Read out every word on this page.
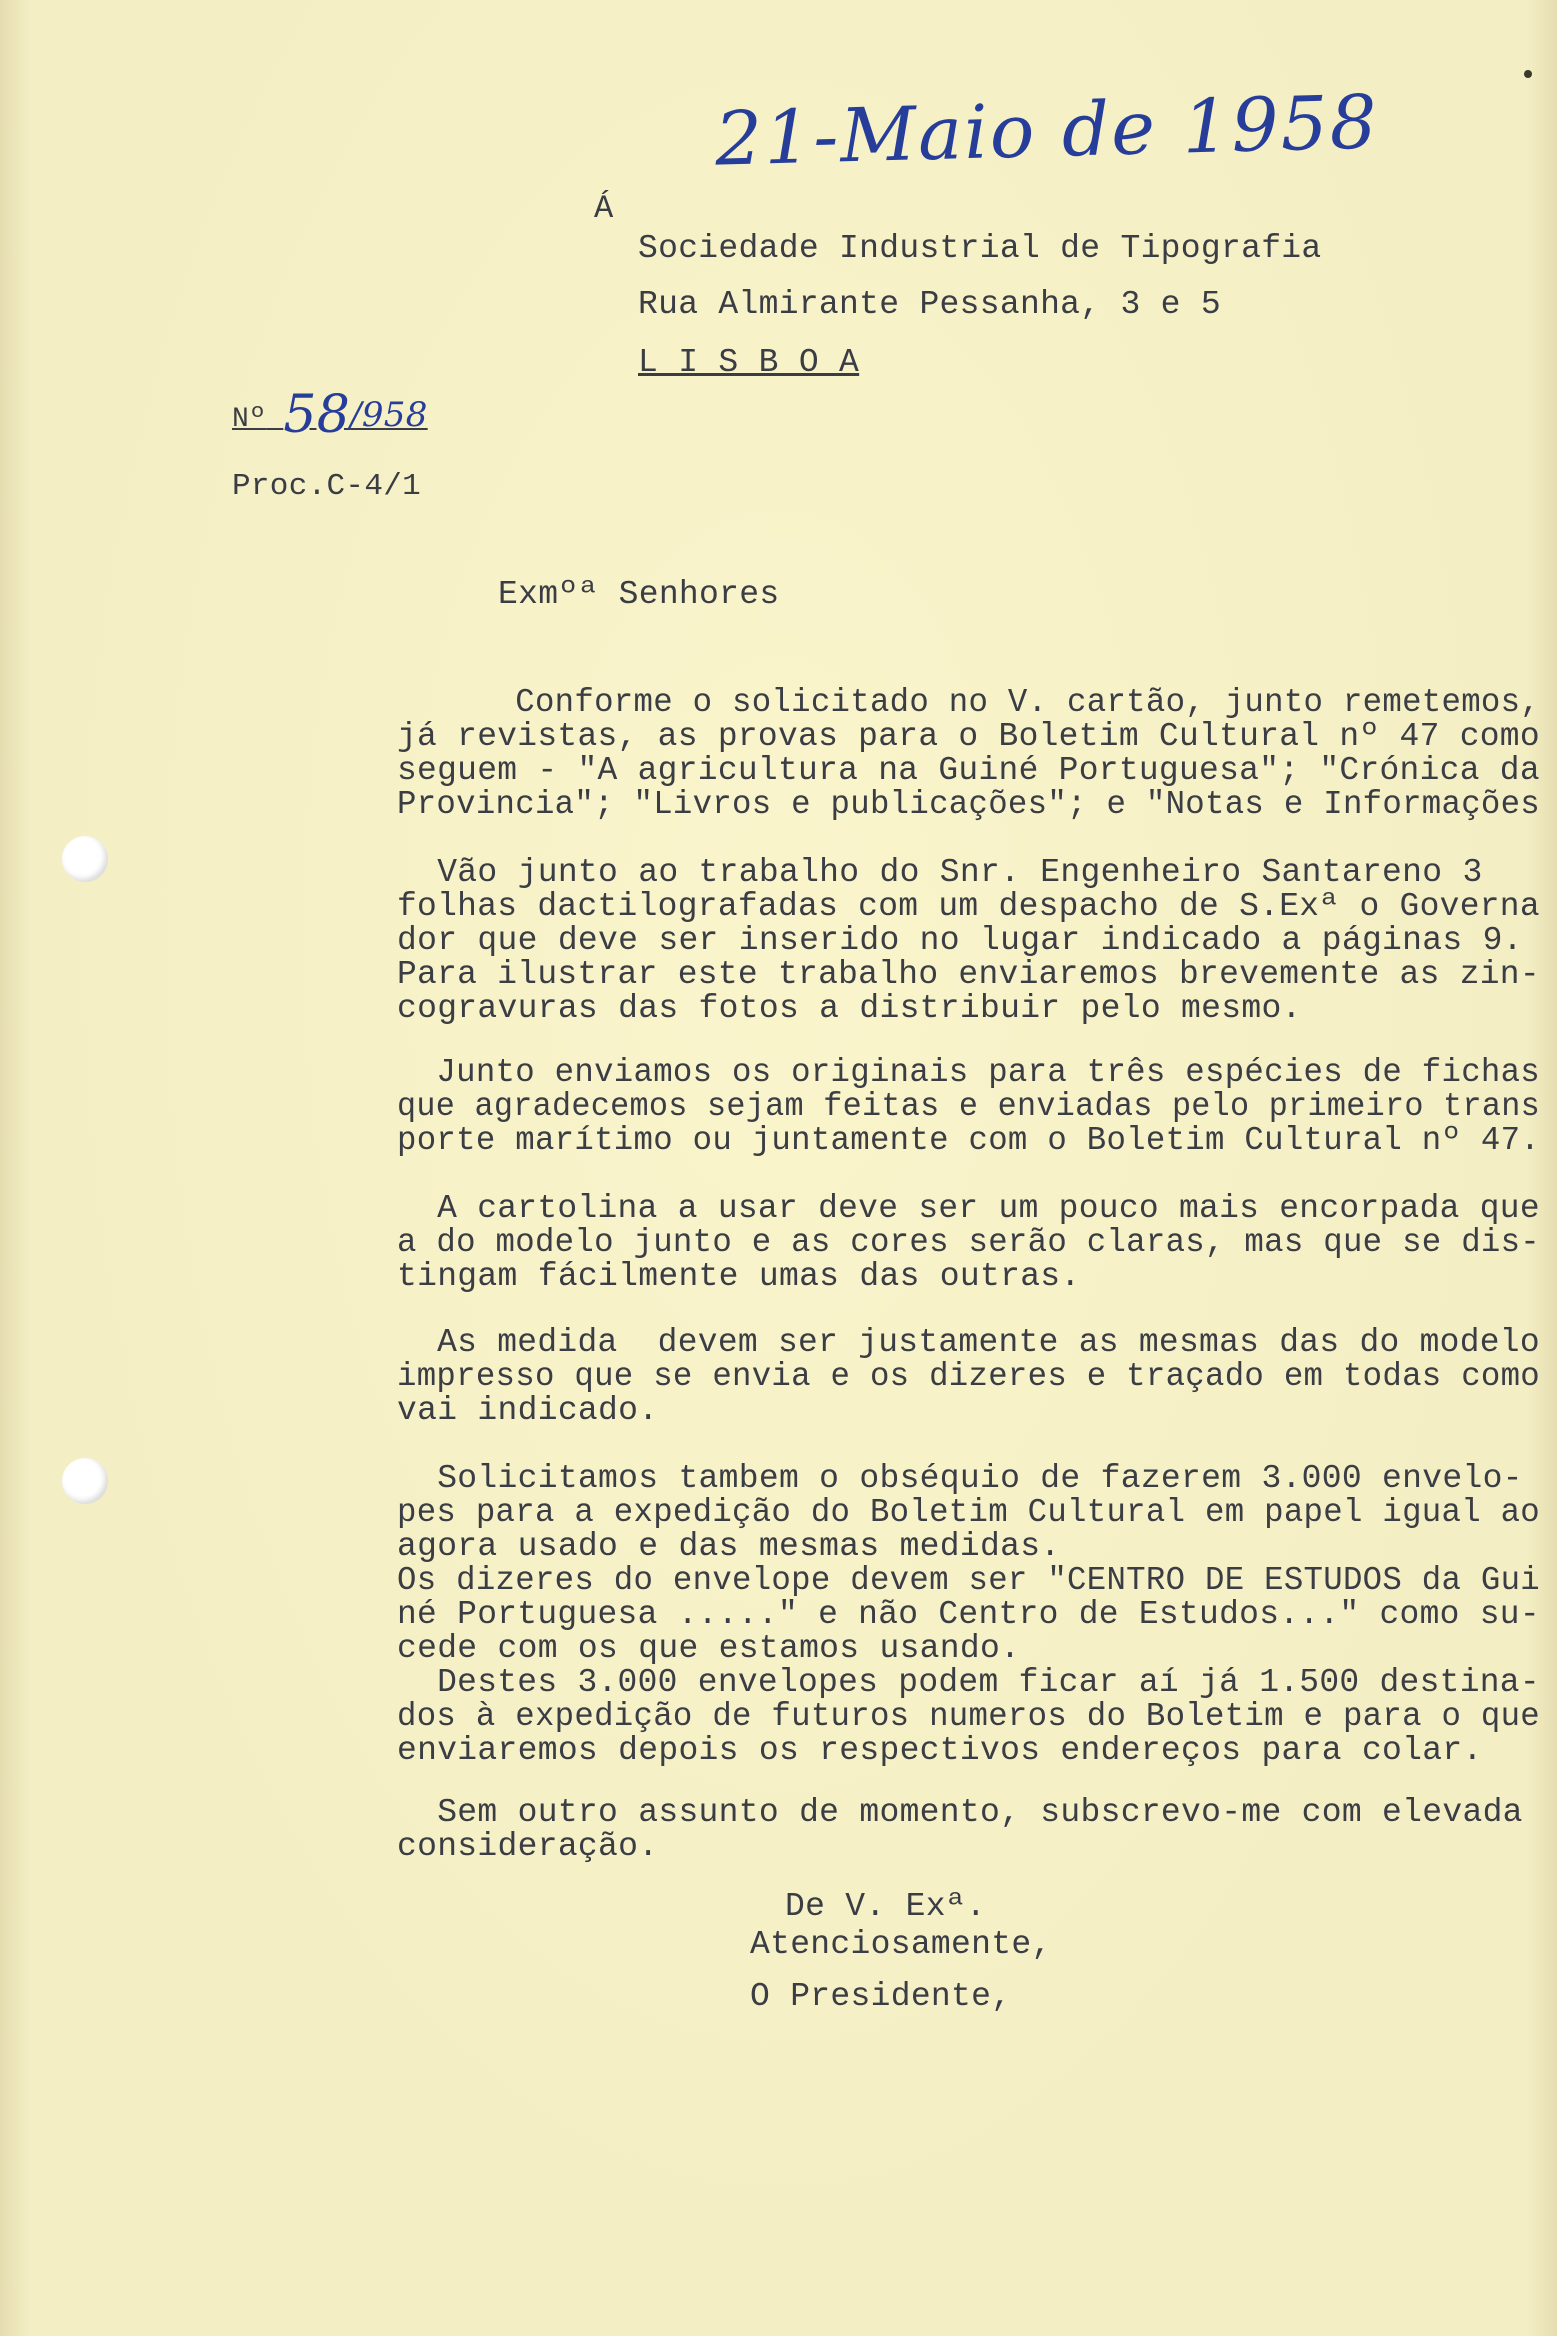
21-Maio de 1958
Á
Sociedade Industrial de Tipografia
Rua Almirante Pessanha, 3 e 5
L I S B O A
Nº 58/958
Proc.C-4/1
Exmºª Senhores
Conforme o solicitado no V. cartão, junto remetemos,
já revistas, as provas para o Boletim Cultural nº 47 como
seguem - "A agricultura na Guiné Portuguesa"; "Crónica da
Provincia"; "Livros e publicações"; e "Notas e Informações
Vão junto ao trabalho do Snr. Engenheiro Santareno 3
folhas dactilografadas com um despacho de S.Exª o Governa
dor que deve ser inserido no lugar indicado a páginas 9.
Para ilustrar este trabalho enviaremos brevemente as zin-
cogravuras das fotos a distribuir pelo mesmo.
Junto enviamos os originais para três espécies de fichas
que agradecemos sejam feitas e enviadas pelo primeiro trans
porte marítimo ou juntamente com o Boletim Cultural nº 47.
A cartolina a usar deve ser um pouco mais encorpada que
a do modelo junto e as cores serão claras, mas que se dis-
tingam fácilmente umas das outras.
As medida  devem ser justamente as mesmas das do modelo
impresso que se envia e os dizeres e traçado em todas como
vai indicado.
Solicitamos tambem o obséquio de fazerem 3.000 envelo-
pes para a expedição do Boletim Cultural em papel igual ao
agora usado e das mesmas medidas.
Os dizeres do envelope devem ser "CENTRO DE ESTUDOS da Gui
né Portuguesa ....." e não Centro de Estudos..." como su-
cede com os que estamos usando.
Destes 3.000 envelopes podem ficar aí já 1.500 destina-
dos à expedição de futuros numeros do Boletim e para o que
enviaremos depois os respectivos endereços para colar.
Sem outro assunto de momento, subscrevo-me com elevada
consideração.
De V. Exª.
Atenciosamente,
O Presidente,
